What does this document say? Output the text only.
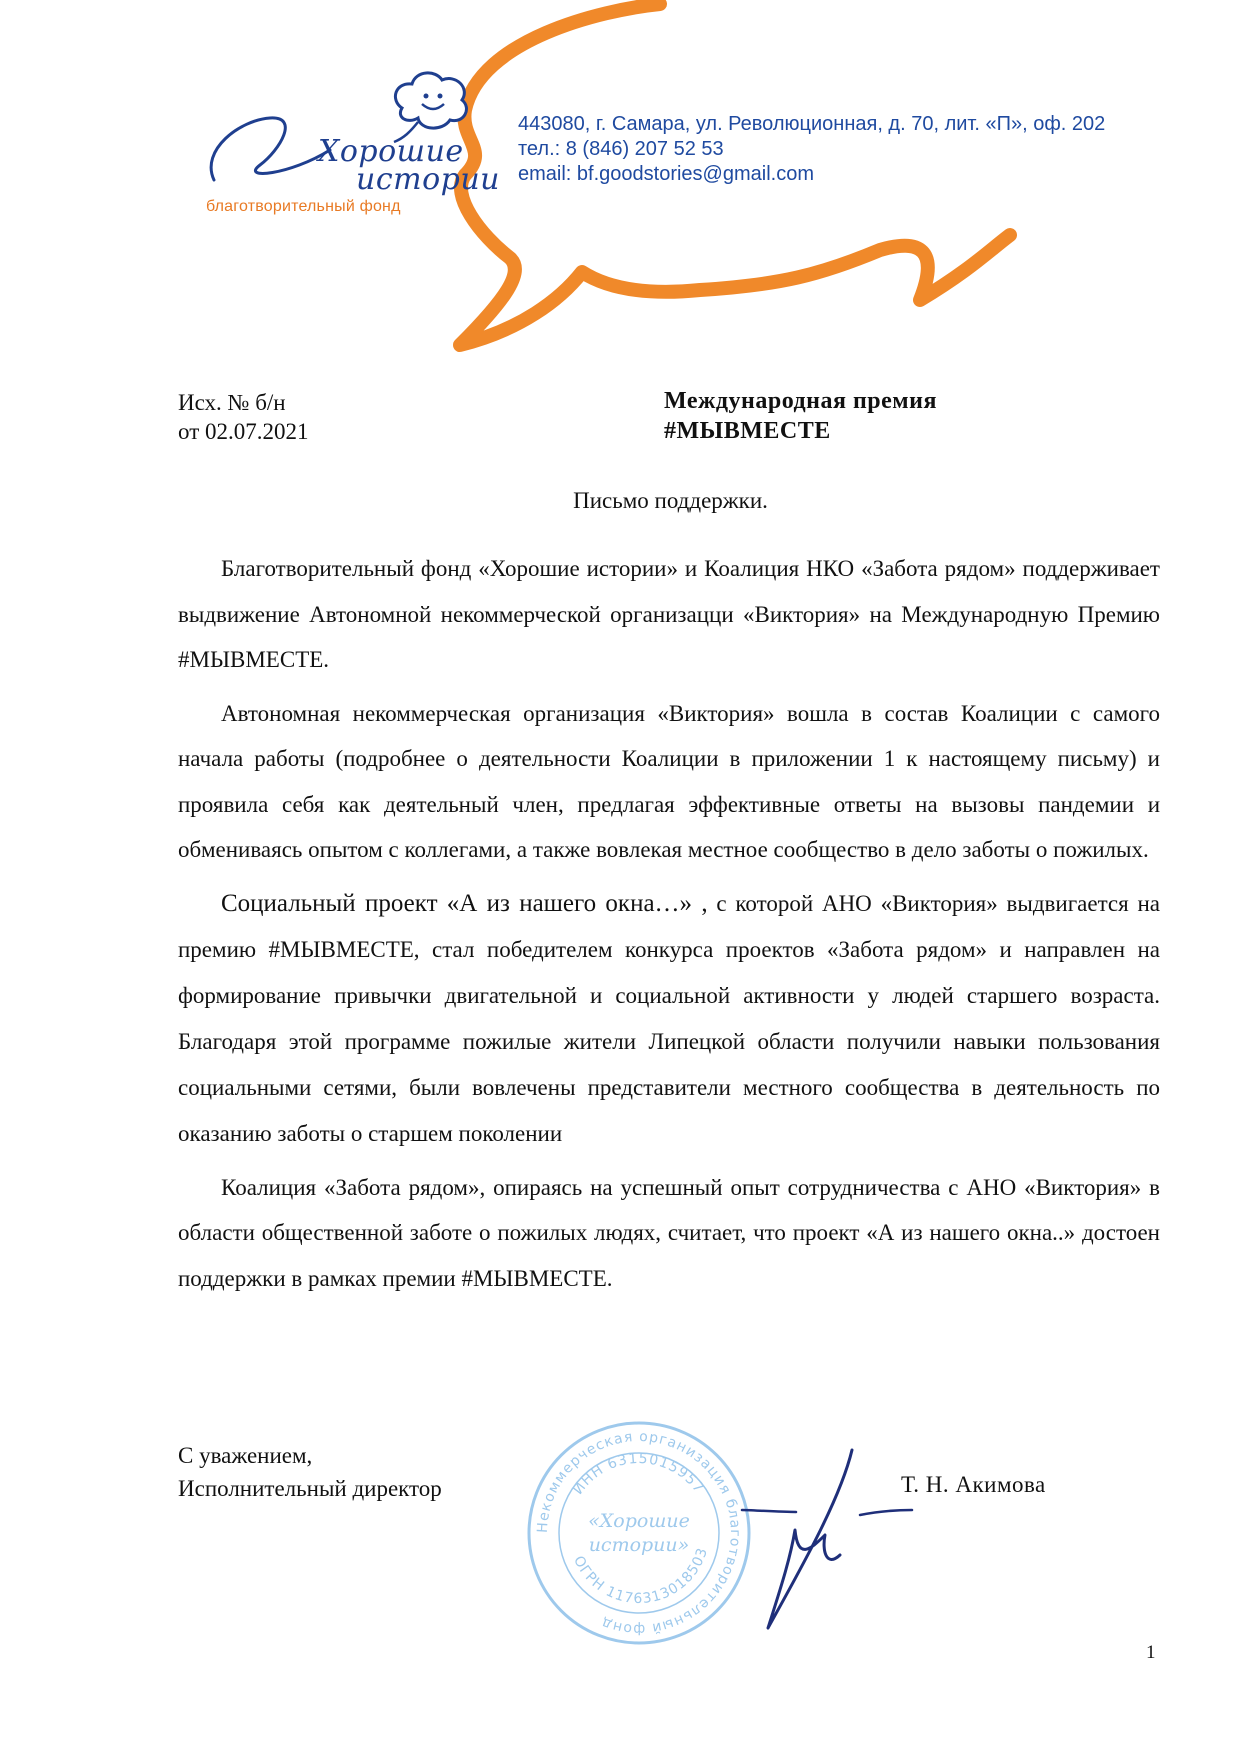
Хорошие
истории
благотворительный фонд
443080, г. Самара, ул. Революционная, д. 70, лит. «П», оф. 202
тел.: 8 (846) 207 52 53
email: bf.goodstories@gmail.com
Исх. № б/н
от 02.07.2021
Международная премия
#МЫВМЕСТЕ
Письмо поддержки.

Благотворительный фонд «Хорошие истории» и Коалиция НКО «Забота рядом» поддерживает выдвижение Автономной некоммерческой организацци «Виктория» на Международную Премию #МЫВМЕСТЕ.

Автономная некоммерческая организация «Виктория» вошла в состав Коалиции с самого начала работы (подробнее о деятельности Коалиции в приложении 1 к настоящему письму) и проявила себя как деятельный член, предлагая эффективные ответы на вызовы пандемии и обмениваясь опытом с коллегами, а также вовлекая местное сообщество в дело заботы о пожилых.

Социальный проект «А из нашего окна…» , с которой АНО «Виктория» выдвигается на премию #МЫВМЕСТЕ, стал победителем конкурса проектов «Забота рядом» и направлен на формирование привычки двигательной и социальной активности у людей старшего возраста. Благодаря этой программе пожилые жители Липецкой области получили навыки пользования социальными сетями, были вовлечены представители местного сообщества в деятельность по оказанию заботы о старшем поколении

Коалиция «Забота рядом», опираясь на успешный опыт сотрудничества с АНО «Виктория» в области общественной заботе о пожилых людях, считает, что проект «А из нашего окна..» достоен поддержки в рамках премии #МЫВМЕСТЕ.

С уважением,
Исполнительный директор
Некоммерческая организация благотворительный фонд
ИНН 6315015957
ОГРН 1176313018503
«Хорошие
истории»
Т. Н. Акимова
1
